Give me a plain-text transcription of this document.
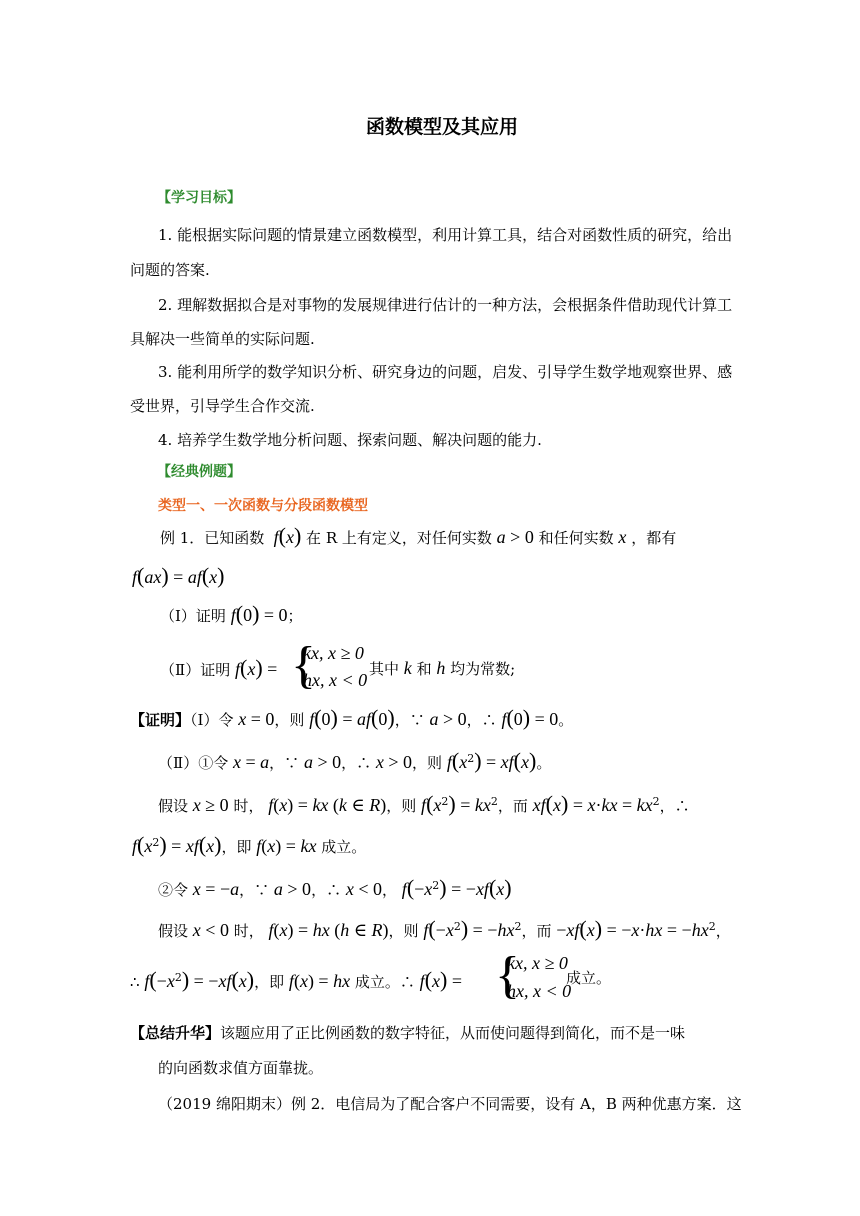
函数模型及其应用
【学习目标】
1. 能根据实际问题的情景建立函数模型，利用计算工具，结合对函数性质的研究，给出
问题的答案.
2. 理解数据拟合是对事物的发展规律进行估计的一种方法，会根据条件借助现代计算工
具解决一些简单的实际问题.
3. 能利用所学的数学知识分析、研究身边的问题，启发、引导学生数学地观察世界、感
受世界，引导学生合作交流.
4. 培养学生数学地分析问题、探索问题、解决问题的能力.
【经典例题】
类型一、一次函数与分段函数模型
例 1．已知函数  f(x) 在 R 上有定义，对任何实数 a > 0 和任何实数 x ，都有
f(ax) = af(x)
（Ⅰ）证明 f(0) = 0；
（Ⅱ）证明 f(x) = {
kx, x ≥ 0
hx, x < 0
其中 k 和 h 均为常数;
【证明】（Ⅰ）令 x = 0，则 f(0) = af(0)，∵ a > 0，∴ f(0) = 0。
（Ⅱ）①令 x = a，∵ a > 0，∴ x > 0，则 $f(x^2) = xf(x)$。
假设 x ≥ 0 时， f(x) = kx (k ∈ R)，则 $f(x^2) = kx^2$，而 $xf(x) = x\cdot kx = kx^2$，∴
$f(x^2) = xf(x)$，即 f(x) = kx 成立。
②令 x = −a，∵ a > 0，∴ x < 0， $f(-x^2) = -xf(x)$
假设 x < 0 时， f(x) = hx (h ∈ R)，则 $f(-x^2) = -hx^2$，而 $-xf(x) = -x\cdot hx = -hx^2$，
∴ $f(-x^2) = -xf(x)$，即 f(x) = hx 成立。∴ f(x) = {
kx, x ≥ 0
hx, x < 0
成立。
【总结升华】该题应用了正比例函数的数字特征，从而使问题得到简化，而不是一味
的向函数求值方面靠拢。
（2019 绵阳期末）例 2．电信局为了配合客户不同需要，设有 A，B 两种优惠方案．这
